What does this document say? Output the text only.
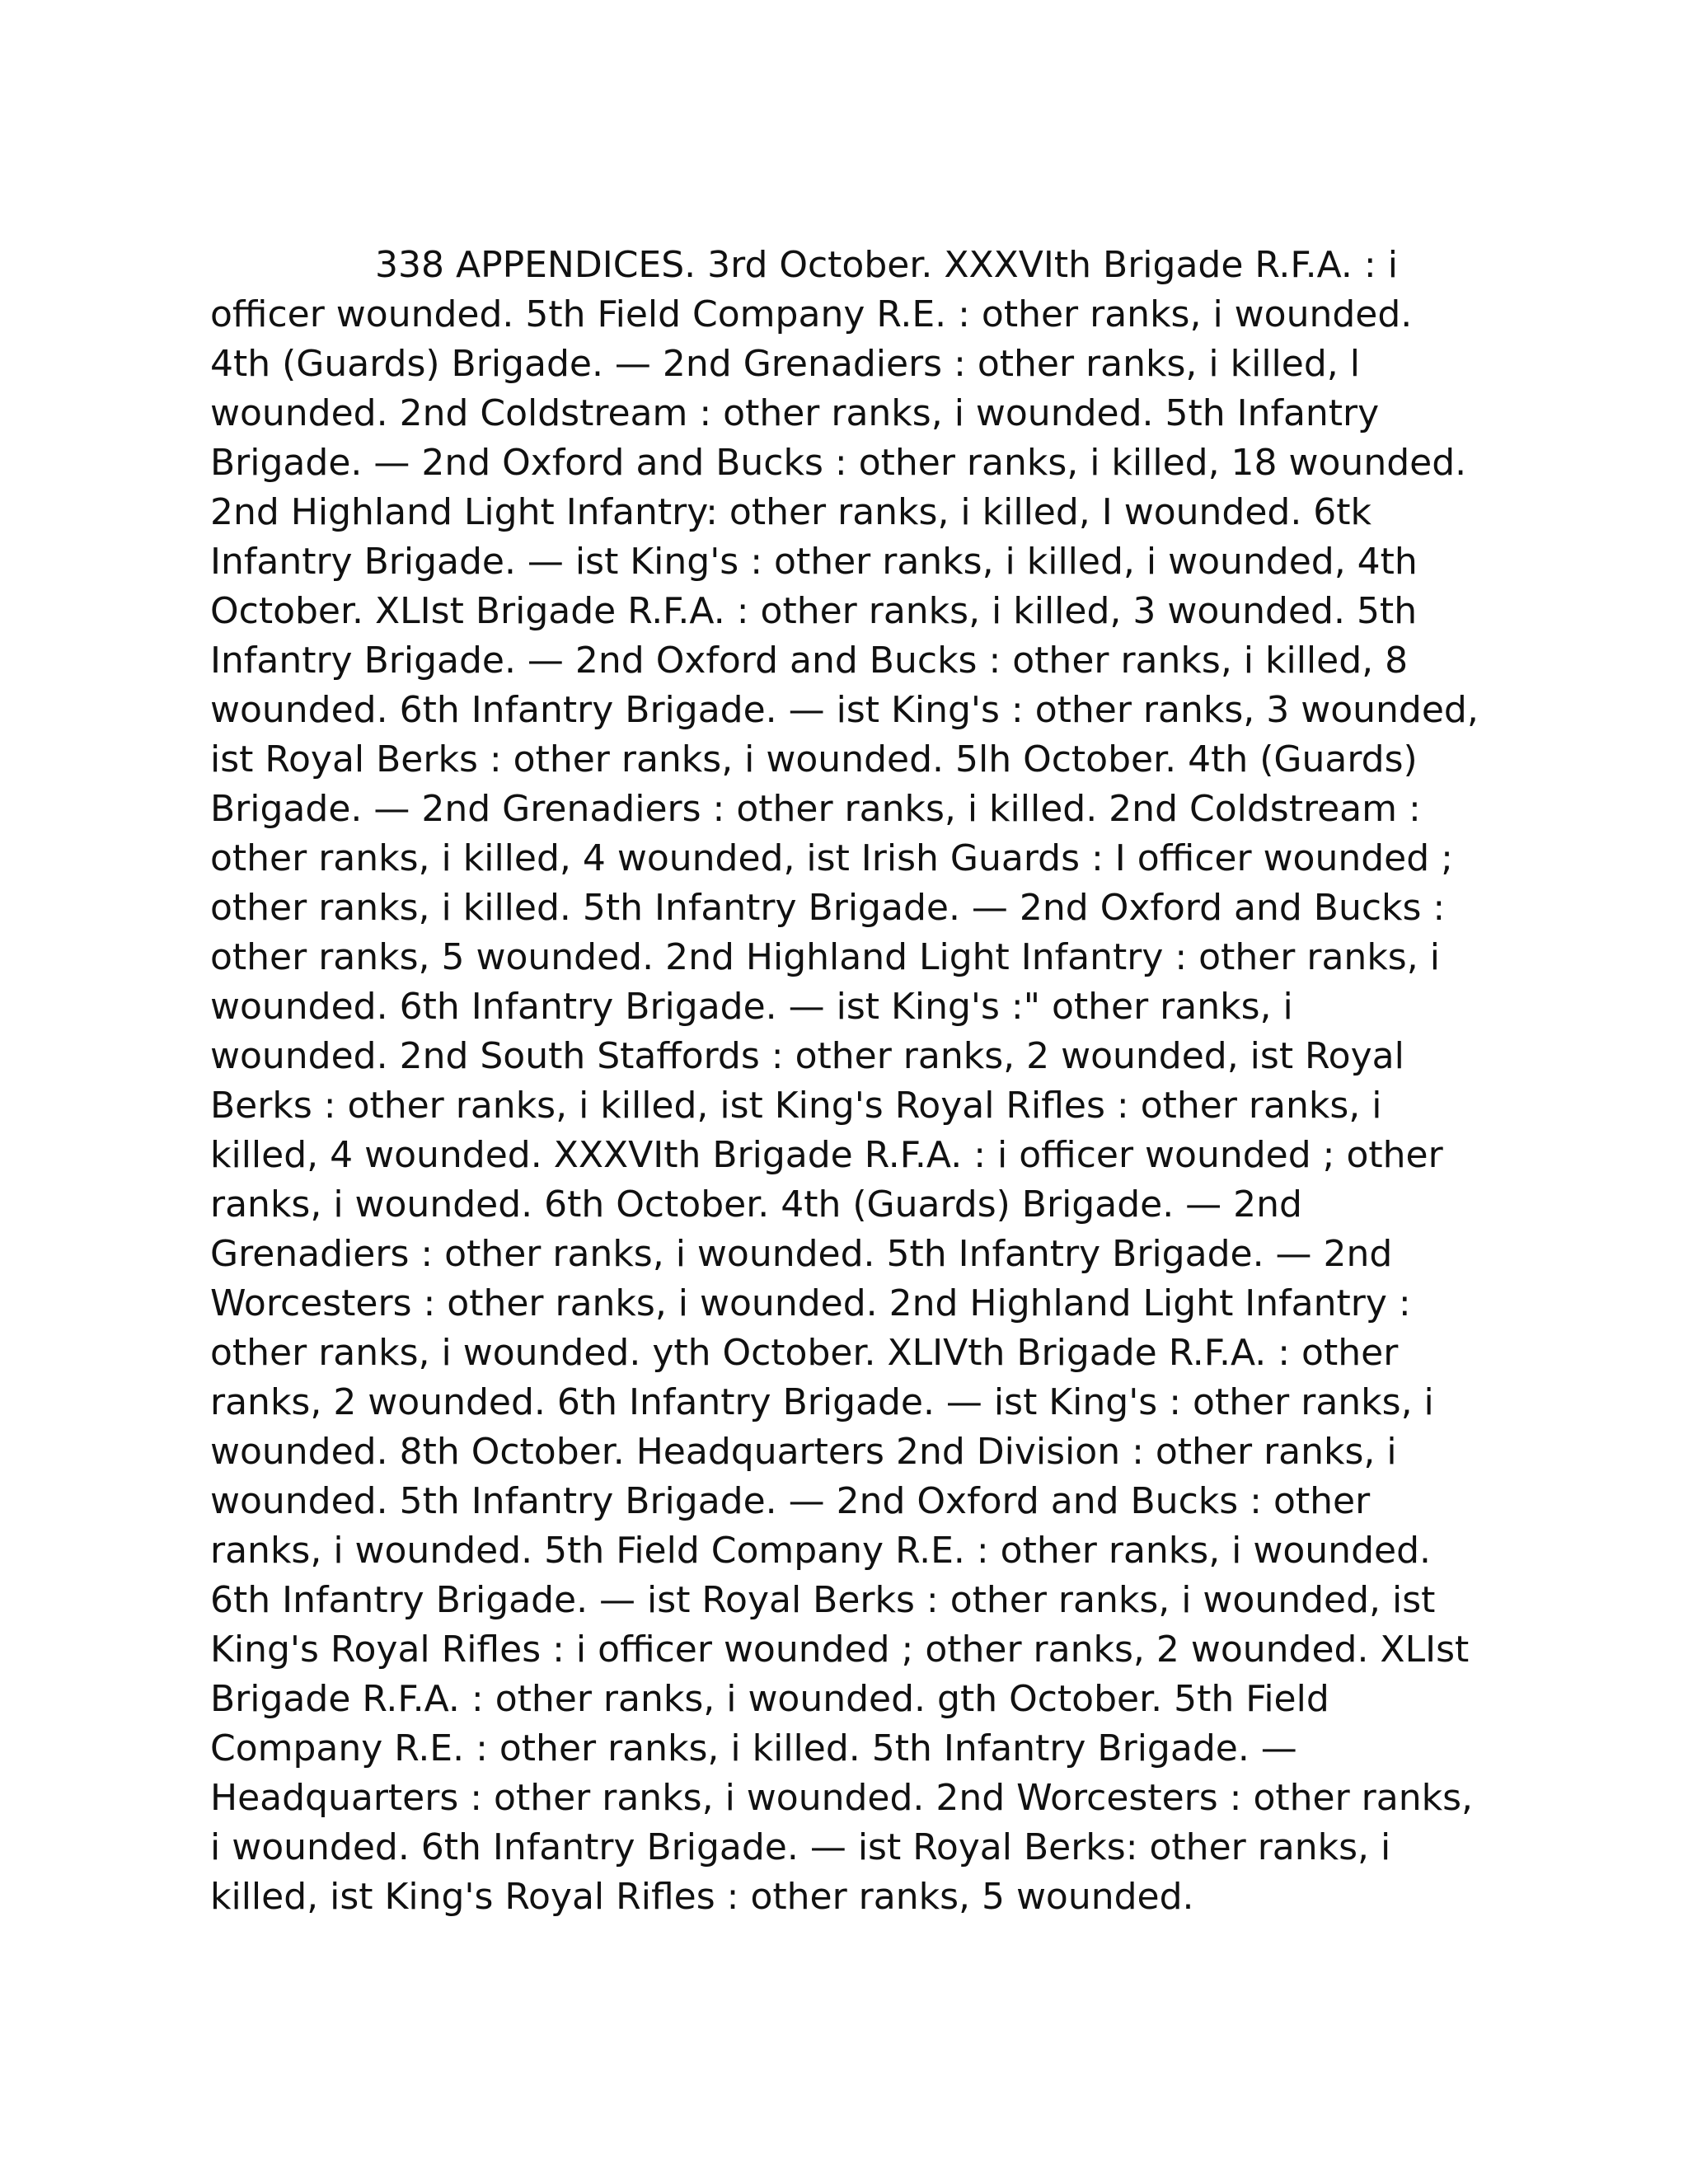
338 APPENDICES. 3rd October. XXXVIth Brigade R.F.A. : i officer wounded. 5th Field Company R.E. : other ranks, i wounded. 4th (Guards) Brigade. — 2nd Grenadiers : other ranks, i killed, l wounded. 2nd Coldstream : other ranks, i wounded. 5th Infantry Brigade. — 2nd Oxford and Bucks : other ranks, i killed, 18 wounded. 2nd Highland Light Infantry: other ranks, i killed, I wounded. 6tk Infantry Brigade. — ist King's : other ranks, i killed, i wounded, 4th October. XLIst Brigade R.F.A. : other ranks, i killed, 3 wounded. 5th Infantry Brigade. — 2nd Oxford and Bucks : other ranks, i killed, 8 wounded. 6th Infantry Brigade. — ist King's : other ranks, 3 wounded, ist Royal Berks : other ranks, i wounded. 5lh October. 4th (Guards) Brigade. — 2nd Grenadiers : other ranks, i killed. 2nd Coldstream : other ranks, i killed, 4 wounded, ist Irish Guards : I officer wounded ; other ranks, i killed. 5th Infantry Brigade. — 2nd Oxford and Bucks : other ranks, 5 wounded. 2nd Highland Light Infantry : other ranks, i wounded. 6th Infantry Brigade. — ist King's :" other ranks, i wounded. 2nd South Staffords : other ranks, 2 wounded, ist Royal Berks : other ranks, i killed, ist King's Royal Rifles : other ranks, i killed, 4 wounded. XXXVIth Brigade R.F.A. : i officer wounded ; other ranks, i wounded. 6th October. 4th (Guards) Brigade. — 2nd Grenadiers : other ranks, i wounded. 5th Infantry Brigade. — 2nd Worcesters : other ranks, i wounded. 2nd Highland Light Infantry : other ranks, i wounded. yth October. XLIVth Brigade R.F.A. : other ranks, 2 wounded. 6th Infantry Brigade. — ist King's : other ranks, i wounded. 8th October. Headquarters 2nd Division : other ranks, i wounded. 5th Infantry Brigade. — 2nd Oxford and Bucks : other ranks, i wounded. 5th Field Company R.E. : other ranks, i wounded. 6th Infantry Brigade. — ist Royal Berks : other ranks, i wounded, ist King's Royal Rifles : i officer wounded ; other ranks, 2 wounded. XLIst Brigade R.F.A. : other ranks, i wounded. gth October. 5th Field Company R.E. : other ranks, i killed. 5th Infantry Brigade. — Headquarters : other ranks, i wounded. 2nd Worcesters : other ranks, i wounded. 6th Infantry Brigade. — ist Royal Berks: other ranks, i killed, ist King's Royal Rifles : other ranks, 5 wounded.
